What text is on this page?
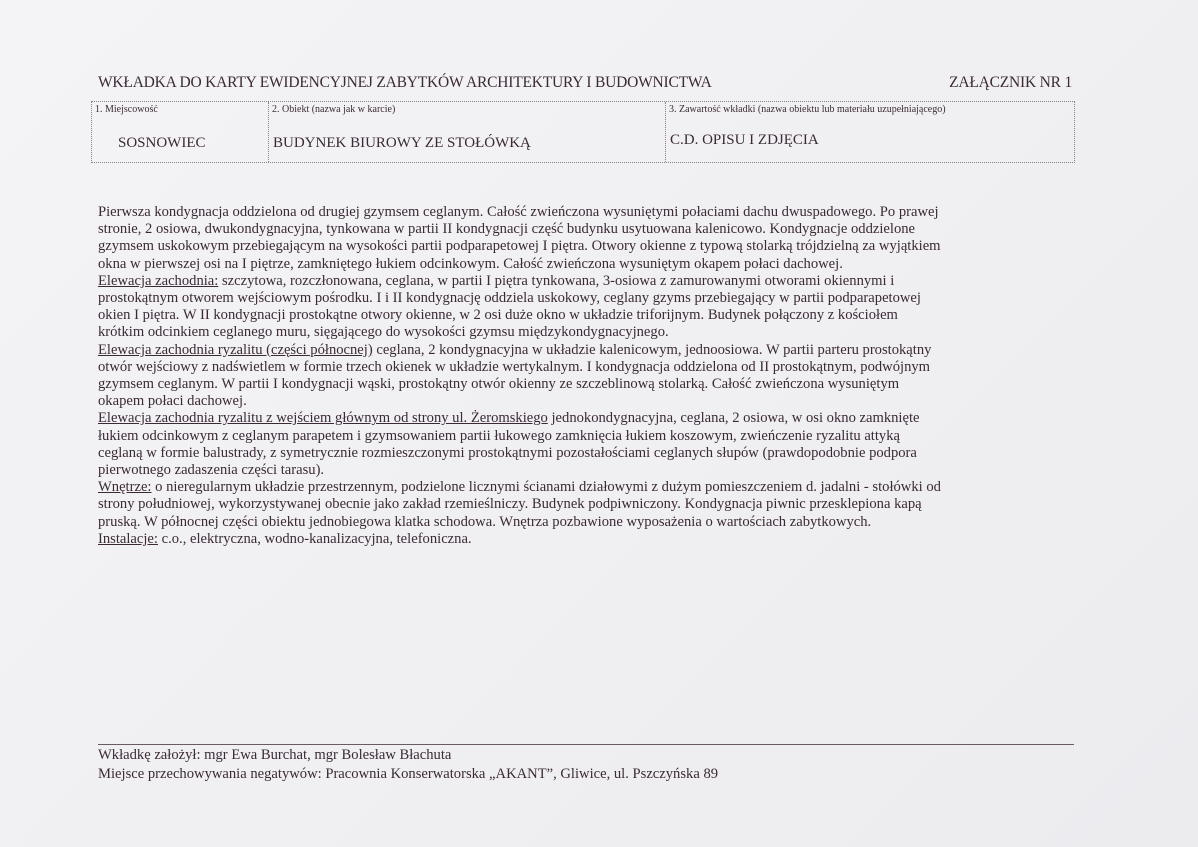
WKŁADKA DO KARTY EWIDENCYJNEJ ZABYTKÓW ARCHITEKTURY I BUDOWNICTWA	ZAŁĄCZNIK NR 1
1. Miejscowość
SOSNOWIEC
2. Obiekt (nazwa jak w karcie)
BUDYNEK BIUROWY ZE STOŁÓWKĄ
3. Zawartość wkładki (nazwa obiektu lub materiału uzupełniającego)
C.D. OPISU I ZDJĘCIA
Pierwsza kondygnacja oddzielona od drugiej gzymsem ceglanym. Całość zwieńczona wysuniętymi połaciami dachu dwuspadowego. Po prawej
stronie, 2 osiowa, dwukondygnacyjna, tynkowana w partii II kondygnacji część budynku usytuowana kalenicowo. Kondygnacje oddzielone
gzymsem uskokowym przebiegającym na wysokości partii podparapetowej I piętra. Otwory okienne z typową stolarką trójdzielną za wyjątkiem
okna w pierwszej osi na I piętrze, zamkniętego łukiem odcinkowym. Całość zwieńczona wysuniętym okapem połaci dachowej.
Elewacja zachodnia: szczytowa, rozczłonowana, ceglana, w partii I piętra tynkowana, 3-osiowa z zamurowanymi otworami okiennymi i
prostokątnym otworem wejściowym pośrodku. I i II kondygnację oddziela uskokowy, ceglany gzyms przebiegający w partii podparapetowej
okien I piętra. W II kondygnacji prostokątne otwory okienne, w 2 osi duże okno w układzie triforijnym. Budynek połączony z kościołem
krótkim odcinkiem ceglanego muru, sięgającego do wysokości gzymsu międzykondygnacyjnego.
Elewacja zachodnia ryzalitu (części północnej) ceglana, 2 kondygnacyjna w układzie kalenicowym, jednoosiowa. W partii parteru prostokątny
otwór wejściowy z nadświetlem w formie trzech okienek w układzie wertykalnym. I kondygnacja oddzielona od II prostokątnym, podwójnym
gzymsem ceglanym. W partii I kondygnacji wąski, prostokątny otwór okienny ze szczeblinową stolarką. Całość zwieńczona wysuniętym
okapem połaci dachowej.
Elewacja zachodnia ryzalitu z wejściem głównym od strony ul. Żeromskiego jednokondygnacyjna, ceglana, 2 osiowa, w osi okno zamknięte
łukiem odcinkowym z ceglanym parapetem i gzymsowaniem partii łukowego zamknięcia łukiem koszowym, zwieńczenie ryzalitu attyką
ceglaną w formie balustrady, z symetrycznie rozmieszczonymi prostokątnymi pozostałościami ceglanych słupów (prawdopodobnie podpora
pierwotnego zadaszenia części tarasu).
Wnętrze: o nieregularnym układzie przestrzennym, podzielone licznymi ścianami działowymi z dużym pomieszczeniem d. jadalni - stołówki od
strony południowej, wykorzystywanej obecnie jako zakład rzemieślniczy. Budynek podpiwniczony. Kondygnacja piwnic przesklepiona kapą
pruską. W północnej części obiektu jednobiegowa klatka schodowa. Wnętrza pozbawione wyposażenia o wartościach zabytkowych.
Instalacje: c.o., elektryczna, wodno-kanalizacyjna, telefoniczna.
Wkładkę założył: mgr Ewa Burchat, mgr Bolesław Błachuta
Miejsce przechowywania negatywów: Pracownia Konserwatorska „AKANT”, Gliwice, ul. Pszczyńska 89
